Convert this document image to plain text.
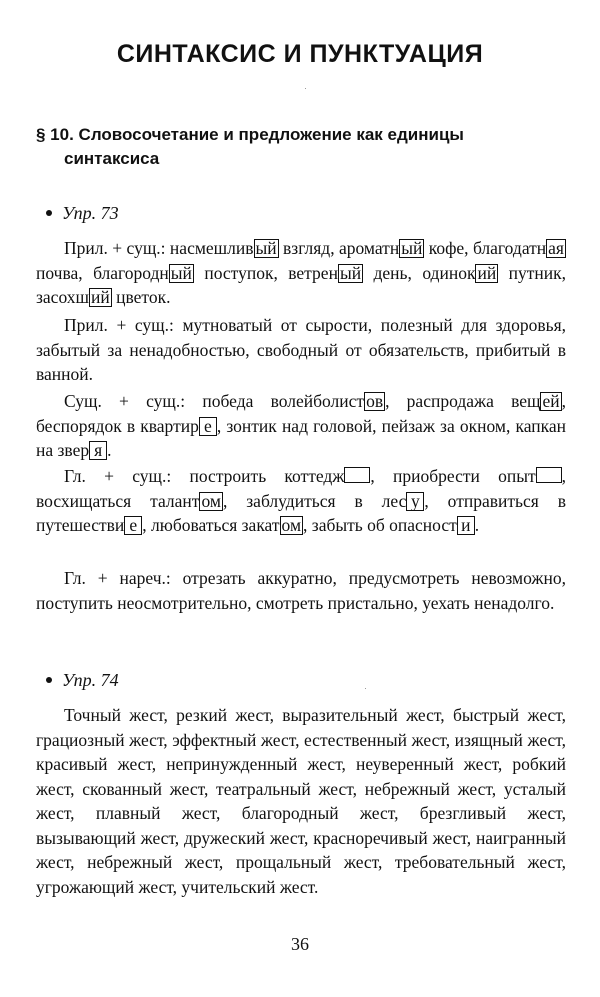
СИНТАКСИС И ПУНКТУАЦИЯ
§ 10. Словосочетание и предложение как единицы
синтаксиса
Упр. 73
Прил. + сущ.: насмешлив ый взгляд, ароматн ый кофе, благодатн ая почва, благородн ый поступок, ветрен ый день, одинок ий путник, засохш ий цветок.
Прил. + сущ.: мутноватый от сырости, полезный для здоровья, забытый за ненадобностью, свободный от обязательств, прибитый в ванной.
Сущ. + сущ.: победа волейболист ов , распродажа вещ ей , беспорядок в квартир е , зонтик над головой, пейзаж за окном, капкан на звер я .
Гл. + сущ.: построить коттедж , приобрести опыт , восхищаться талант ом , заблудиться в лес у , отправиться в путешестви е , любоваться закат ом , забыть об опасност и .
Гл. + нареч.: отрезать аккуратно, предусмотреть невозможно, поступить неосмотрительно, смотреть пристально, уехать ненадолго.
Упр. 74
Точный жест, резкий жест, выразительный жест, быстрый жест, грациозный жест, эффектный жест, естественный жест, изящный жест, красивый жест, непринужденный жест, неуверенный жест, робкий жест, скованный жест, театральный жест, небрежный жест, усталый жест, плавный жест, благородный жест, брезгливый жест, вызывающий жест, дружеский жест, красноречивый жест, наигранный жест, небрежный жест, прощальный жест, требовательный жест, угрожающий жест, учительский жест.
36
